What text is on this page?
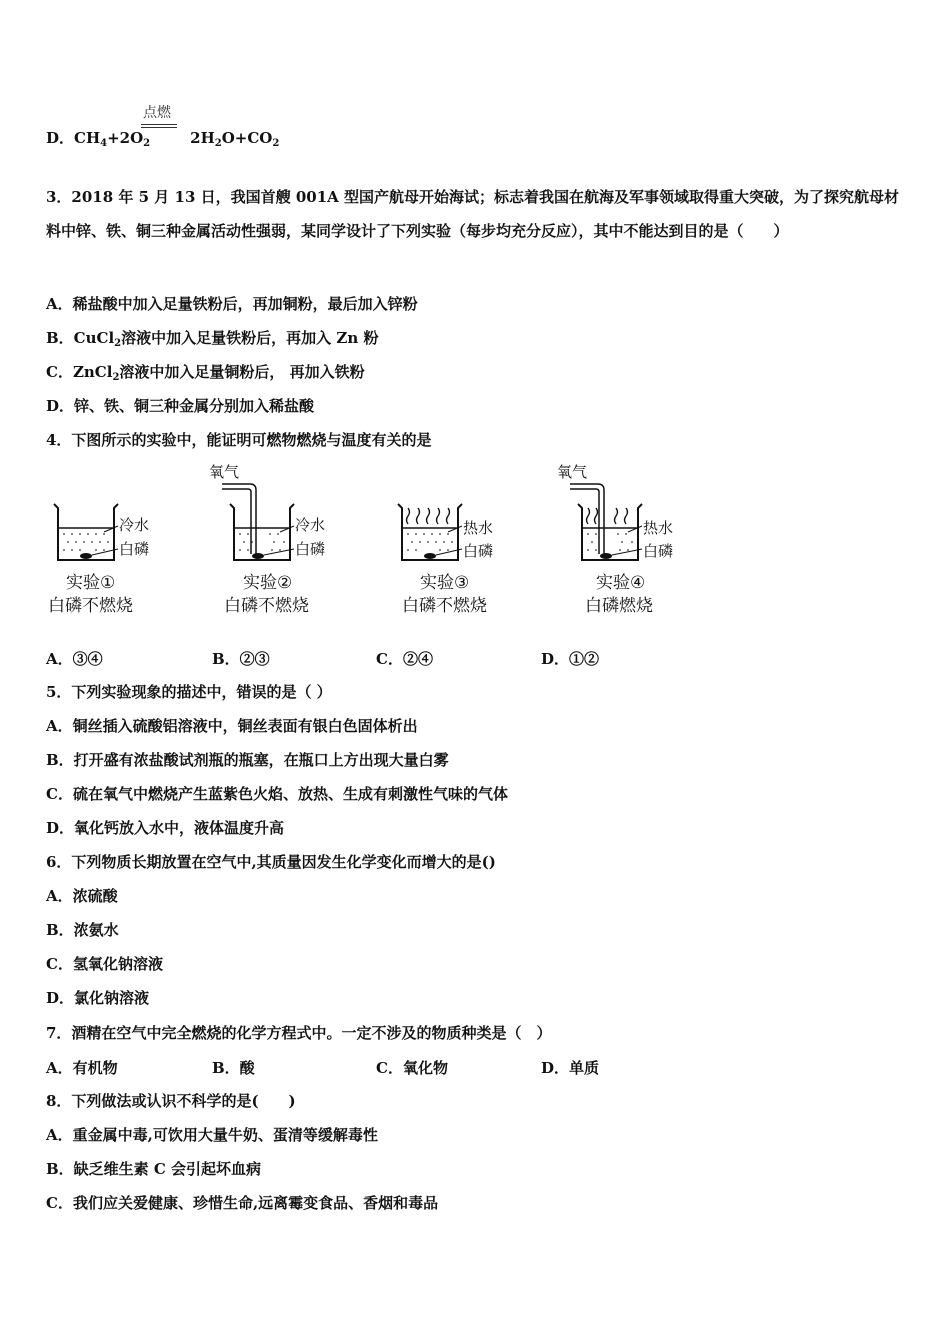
点燃
D．$CH_4+2O_2$	$2H_2O+CO_2$
3．2018 年 5 月 13 日，我国首艘 001A 型国产航母开始海试；标志着我国在航海及军事领域取得重大突破，为了探究航母材料中锌、铁、铜三种金属活动性强弱，某同学设计了下列实验（每步均充分反应），其中不能达到目的是（　　）
A．稀盐酸中加入足量铁粉后，再加铜粉，最后加入锌粉
B．CuCl$_2$溶液中加入足量铁粉后，再加入 Zn 粉
C．ZnCl$_2$溶液中加入足量铜粉后， 再加入铁粉
D．锌、铁、铜三种金属分别加入稀盐酸
4．下图所示的实验中，能证明可燃物燃烧与温度有关的是
冷水
白磷
实验①
白磷不燃烧
氧气
冷水
白磷
实验②
白磷不燃烧
热水
白磷
实验③
白磷不燃烧
氧气
热水
白磷
实验④
白磷燃烧
A．③④	B．②③	C．②④	D．①②
5．下列实验现象的描述中，错误的是（ ）
A．铜丝插入硫酸铝溶液中，铜丝表面有银白色固体析出
B．打开盛有浓盐酸试剂瓶的瓶塞，在瓶口上方出现大量白雾
C．硫在氧气中燃烧产生蓝紫色火焰、放热、生成有刺激性气味的气体
D．氧化钙放入水中，液体温度升高
6．下列物质长期放置在空气中,其质量因发生化学变化而增大的是()
A．浓硫酸
B．浓氨水
C．氢氧化钠溶液
D．氯化钠溶液
7．酒精在空气中完全燃烧的化学方程式中。一定不涉及的物质种类是（　）
A．有机物	B．酸	C．氧化物	D．单质
8．下列做法或认识不科学的是(　　)
A．重金属中毒,可饮用大量牛奶、蛋清等缓解毒性
B．缺乏维生素 C 会引起坏血病
C．我们应关爱健康、珍惜生命,远离霉变食品、香烟和毒品
